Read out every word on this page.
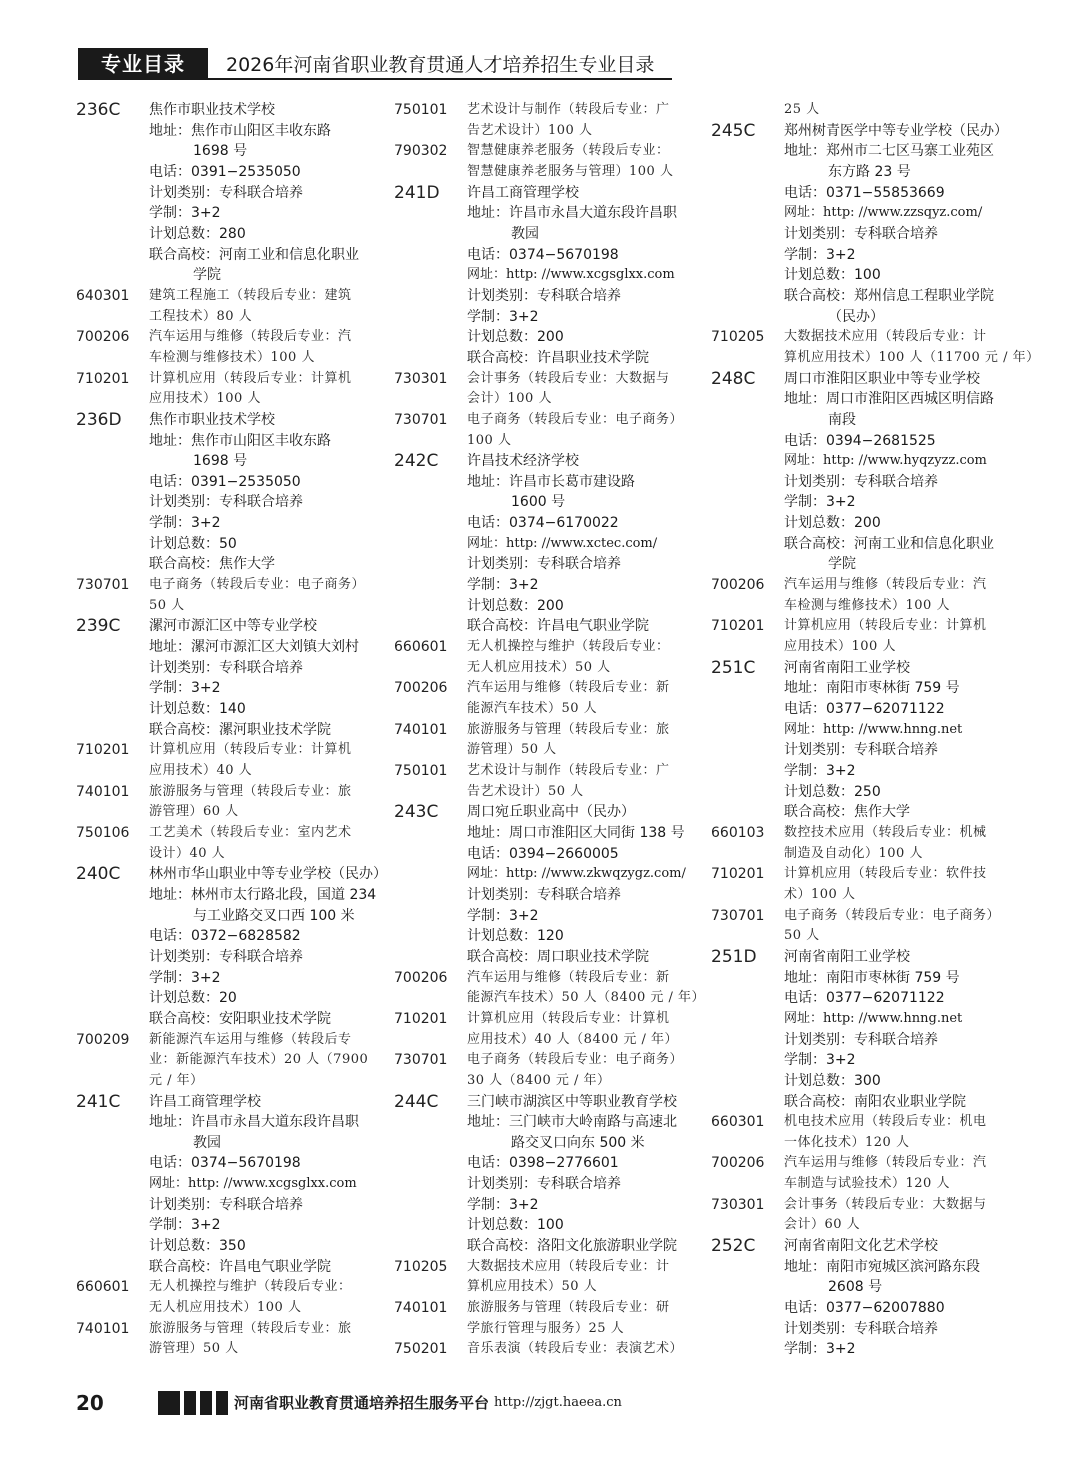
专业目录	2026年河南省职业教育贯通人才培养招生专业目录
236C 焦作市职业技术学校
地址：焦作市山阳区丰收东路
1698 号
电话：0391−2535050
计划类别：专科联合培养
学制：3+2
计划总数：280
联合高校：河南工业和信息化职业
学院
640301 建筑工程施工（转段后专业：建筑
工程技术）80 人
700206 汽车运用与维修（转段后专业：汽
车检测与维修技术）100 人
710201 计算机应用（转段后专业：计算机
应用技术）100 人
236D 焦作市职业技术学校
地址：焦作市山阳区丰收东路
1698 号
电话：0391−2535050
计划类别：专科联合培养
学制：3+2
计划总数：50
联合高校：焦作大学
730701 电子商务（转段后专业：电子商务）
50 人
239C 漯河市源汇区中等专业学校
地址：漯河市源汇区大刘镇大刘村
计划类别：专科联合培养
学制：3+2
计划总数：140
联合高校：漯河职业技术学院
710201 计算机应用（转段后专业：计算机
应用技术）40 人
740101 旅游服务与管理（转段后专业：旅
游管理）60 人
750106 工艺美术（转段后专业：室内艺术
设计）40 人
240C 林州市华山职业中等专业学校（民办）
地址：林州市太行路北段，国道 234
与工业路交叉口西 100 米
电话：0372−6828582
计划类别：专科联合培养
学制：3+2
计划总数：20
联合高校：安阳职业技术学院
700209 新能源汽车运用与维修（转段后专
业：新能源汽车技术）20 人（7900
元 / 年）
241C 许昌工商管理学校
地址：许昌市永昌大道东段许昌职
教园
电话：0374−5670198
网址：http: //www.xcgsglxx.com
计划类别：专科联合培养
学制：3+2
计划总数：350
联合高校：许昌电气职业学院
660601 无人机操控与维护（转段后专业：
无人机应用技术）100 人
740101 旅游服务与管理（转段后专业：旅
游管理）50 人
750101 艺术设计与制作（转段后专业：广
告艺术设计）100 人
790302 智慧健康养老服务（转段后专业：
智慧健康养老服务与管理）100 人
241D 许昌工商管理学校
地址：许昌市永昌大道东段许昌职
教园
电话：0374−5670198
网址：http: //www.xcgsglxx.com
计划类别：专科联合培养
学制：3+2
计划总数：200
联合高校：许昌职业技术学院
730301 会计事务（转段后专业：大数据与
会计）100 人
730701 电子商务（转段后专业：电子商务）
100 人
242C 许昌技术经济学校
地址：许昌市长葛市建设路
1600 号
电话：0374−6170022
网址：http: //www.xctec.com/
计划类别：专科联合培养
学制：3+2
计划总数：200
联合高校：许昌电气职业学院
660601 无人机操控与维护（转段后专业：
无人机应用技术）50 人
700206 汽车运用与维修（转段后专业：新
能源汽车技术）50 人
740101 旅游服务与管理（转段后专业：旅
游管理）50 人
750101 艺术设计与制作（转段后专业：广
告艺术设计）50 人
243C 周口宛丘职业高中（民办）
地址：周口市淮阳区大同街 138 号
电话：0394−2660005
网址：http: //www.zkwqzygz.com/
计划类别：专科联合培养
学制：3+2
计划总数：120
联合高校：周口职业技术学院
700206 汽车运用与维修（转段后专业：新
能源汽车技术）50 人（8400 元 / 年）
710201 计算机应用（转段后专业：计算机
应用技术）40 人（8400 元 / 年）
730701 电子商务（转段后专业：电子商务）
30 人（8400 元 / 年）
244C 三门峡市湖滨区中等职业教育学校
地址：三门峡市大岭南路与高速北
路交叉口向东 500 米
电话：0398−2776601
计划类别：专科联合培养
学制：3+2
计划总数：100
联合高校：洛阳文化旅游职业学院
710205 大数据技术应用（转段后专业：计
算机应用技术）50 人
740101 旅游服务与管理（转段后专业：研
学旅行管理与服务）25 人
750201 音乐表演（转段后专业：表演艺术）
25 人
245C 郑州树青医学中等专业学校（民办）
地址：郑州市二七区马寨工业苑区
东方路 23 号
电话：0371−55853669
网址：http: //www.zzsqyz.com/
计划类别：专科联合培养
学制：3+2
计划总数：100
联合高校：郑州信息工程职业学院
（民办）
710205 大数据技术应用（转段后专业：计
算机应用技术）100 人（11700 元 / 年）
248C 周口市淮阳区职业中等专业学校
地址：周口市淮阳区西城区明信路
南段
电话：0394−2681525
网址：http: //www.hyqzyzz.com
计划类别：专科联合培养
学制：3+2
计划总数：200
联合高校：河南工业和信息化职业
学院
700206 汽车运用与维修（转段后专业：汽
车检测与维修技术）100 人
710201 计算机应用（转段后专业：计算机
应用技术）100 人
251C 河南省南阳工业学校
地址：南阳市枣林街 759 号
电话：0377−62071122
网址：http: //www.hnng.net
计划类别：专科联合培养
学制：3+2
计划总数：250
联合高校：焦作大学
660103 数控技术应用（转段后专业：机械
制造及自动化）100 人
710201 计算机应用（转段后专业：软件技
术）100 人
730701 电子商务（转段后专业：电子商务）
50 人
251D 河南省南阳工业学校
地址：南阳市枣林街 759 号
电话：0377−62071122
网址：http: //www.hnng.net
计划类别：专科联合培养
学制：3+2
计划总数：300
联合高校：南阳农业职业学院
660301 机电技术应用（转段后专业：机电
一体化技术）120 人
700206 汽车运用与维修（转段后专业：汽
车制造与试验技术）120 人
730301 会计事务（转段后专业：大数据与
会计）60 人
252C 河南省南阳文化艺术学校
地址：南阳市宛城区滨河路东段
2608 号
电话：0377−62007880
计划类别：专科联合培养
学制：3+2
20	河南省职业教育贯通培养招生服务平台 http://zjgt.haeea.cn
